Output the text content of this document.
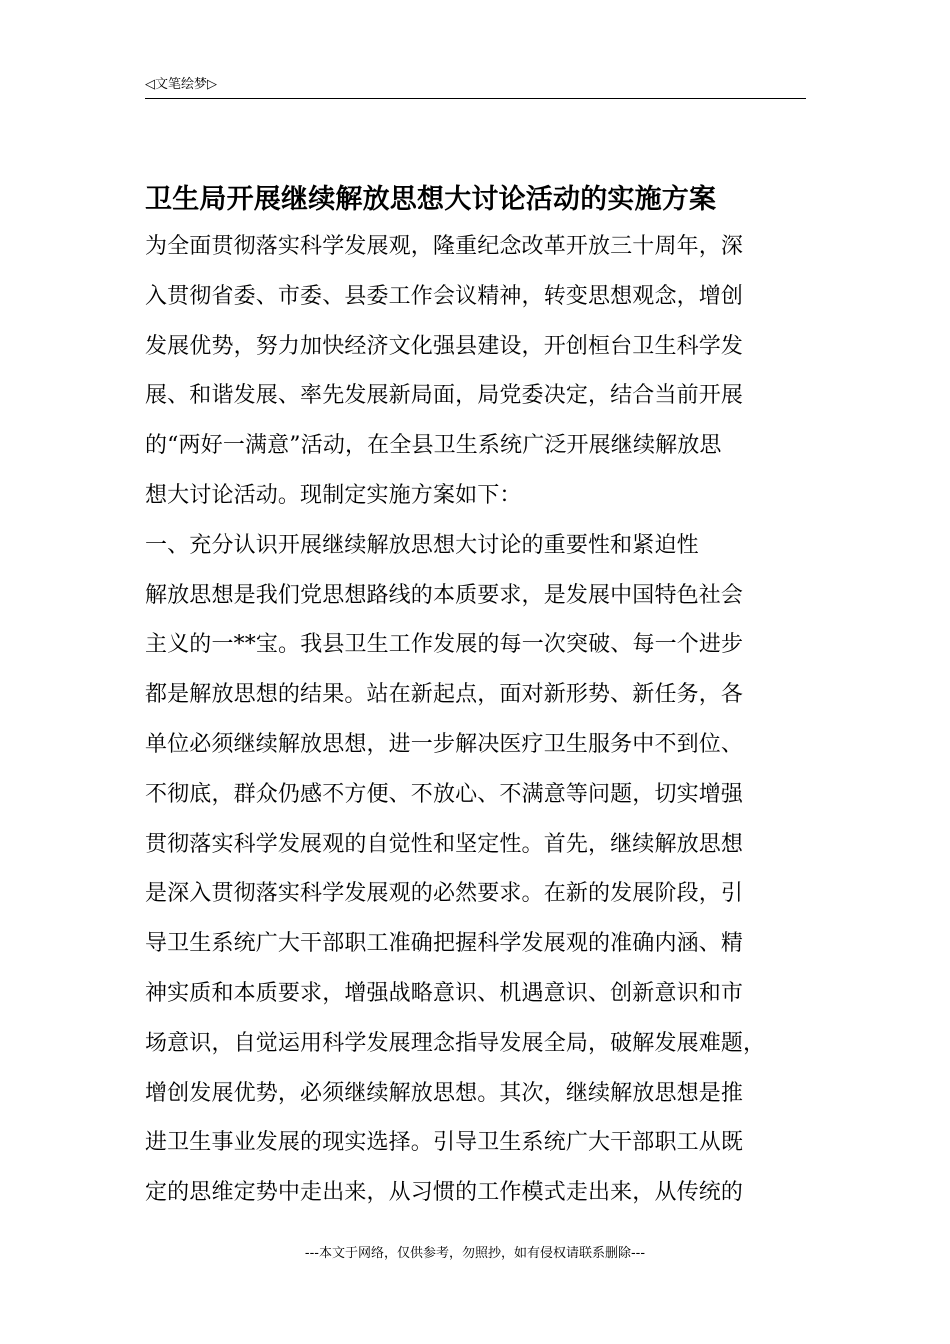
◁文笔绘梦▷
卫生局开展继续解放思想大讨论活动的实施方案
为全面贯彻落实科学发展观，隆重纪念改革开放三十周年，深
入贯彻省委、市委、县委工作会议精神，转变思想观念，增创
发展优势，努力加快经济文化强县建设，开创桓台卫生科学发
展、和谐发展、率先发展新局面，局党委决定，结合当前开展
的“两好一满意”活动，在全县卫生系统广泛开展继续解放思
想大讨论活动。现制定实施方案如下：
一、充分认识开展继续解放思想大讨论的重要性和紧迫性
解放思想是我们党思想路线的本质要求，是发展中国特色社会
主义的一**宝。我县卫生工作发展的每一次突破、每一个进步
都是解放思想的结果。站在新起点，面对新形势、新任务，各
单位必须继续解放思想，进一步解决医疗卫生服务中不到位、
不彻底，群众仍感不方便、不放心、不满意等问题，切实增强
贯彻落实科学发展观的自觉性和坚定性。首先，继续解放思想
是深入贯彻落实科学发展观的必然要求。在新的发展阶段，引
导卫生系统广大干部职工准确把握科学发展观的准确内涵、精
神实质和本质要求，增强战略意识、机遇意识、创新意识和市
场意识，自觉运用科学发展理念指导发展全局，破解发展难题，
增创发展优势，必须继续解放思想。其次，继续解放思想是推
进卫生事业发展的现实选择。引导卫生系统广大干部职工从既
定的思维定势中走出来，从习惯的工作模式走出来，从传统的
---本文于网络，仅供参考，勿照抄，如有侵权请联系删除---
